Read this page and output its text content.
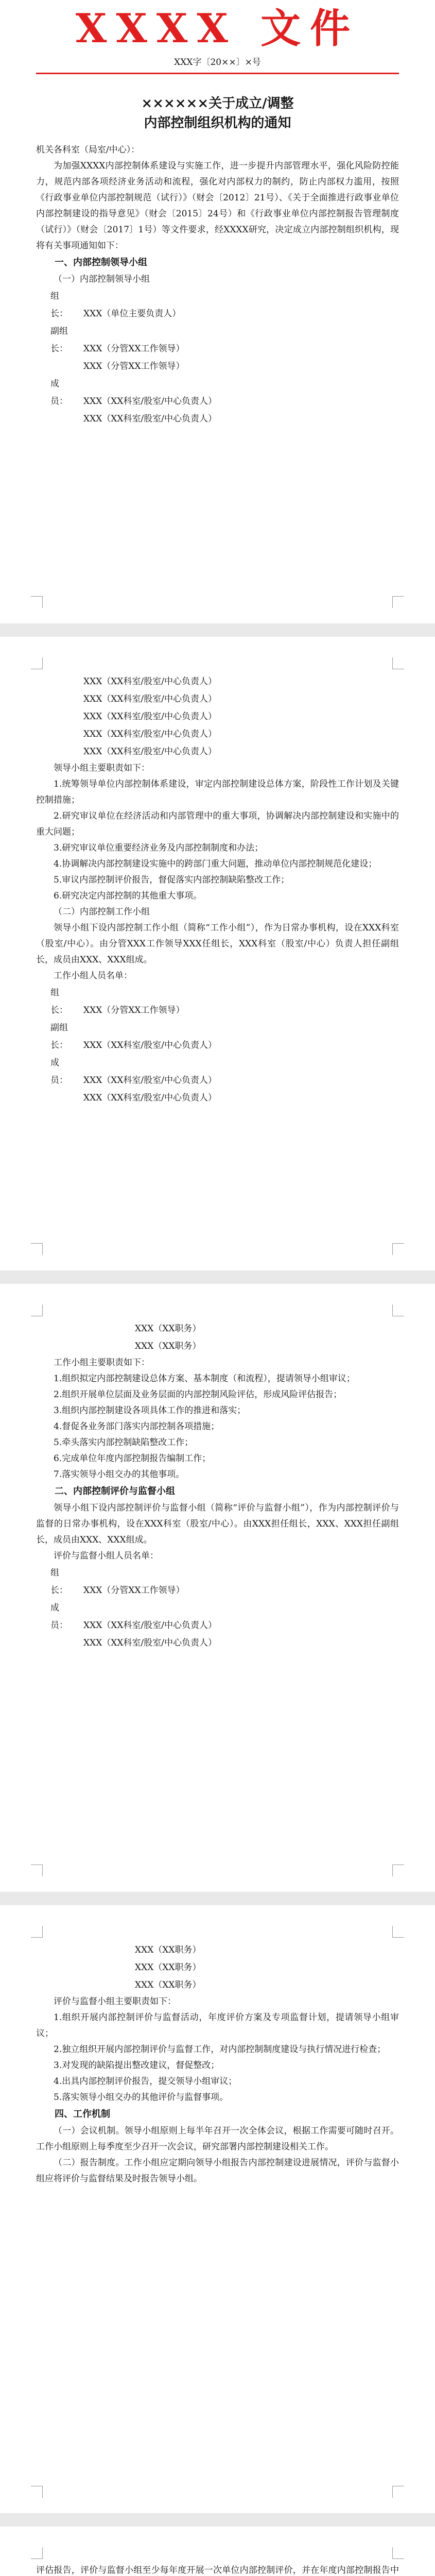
XXXX 文件
XXX字〔20××〕×号
××××××关于成立/调整
内部控制组织机构的通知

机关各科室（局室/中心）：

为加强XXXX内部控制体系建设与实施工作，进一步提升内部管理水平，强化风险防控能力，规范内部各项经济业务活动和流程，强化对内部权力的制约，防止内部权力滥用，按照《行政事业单位内部控制规范（试行）》（财会〔2012〕21号）、《关于全面推进行政事业单位内部控制建设的指导意见》（财会〔2015〕24号）和《行政事业单位内部控制报告管理制度（试行）》（财会〔2017〕1号）等文件要求，经XXXX研究，决定成立内部控制组织机构，现将有关事项通知如下：

一、内部控制领导小组

（一）内部控制领导小组

组　长： XXX（单位主要负责人）

副组长： XXX（分管XX工作领导）

XXX（分管XX工作领导）

成　员： XXX（XX科室/股室/中心负责人）

XXX（XX科室/股室/中心负责人）

XXX（XX科室/股室/中心负责人）

XXX（XX科室/股室/中心负责人）

XXX（XX科室/股室/中心负责人）

XXX（XX科室/股室/中心负责人）

XXX（XX科室/股室/中心负责人）

领导小组主要职责如下：

1.统筹领导单位内部控制体系建设，审定内部控制建设总体方案，阶段性工作计划及关键控制措施；

2.研究审议单位在经济活动和内部管理中的重大事项，协调解决内部控制建设和实施中的重大问题；

3.研究审议单位重要经济业务及内部控制制度和办法；

4.协调解决内部控制建设实施中的跨部门重大问题，推动单位内部控制规范化建设；

5.审议内部控制评价报告，督促落实内部控制缺陷整改工作；

6.研究决定内部控制的其他重大事项。

（二）内部控制工作小组

领导小组下设内部控制工作小组（简称“工作小组”），作为日常办事机构，设在XXX科室（股室/中心）。由分管XXX工作领导XXX任组长，XXX科室（股室/中心）负责人担任副组长，成员由XXX、XXX组成。

工作小组人员名单：

组　长： XXX（分管XX工作领导）

副组长： XXX（XX科室/股室/中心负责人）

成　员： XXX（XX科室/股室/中心负责人）

XXX（XX科室/股室/中心负责人）

XXX（XX职务）

XXX（XX职务）

工作小组主要职责如下：

1.组织拟定内部控制建设总体方案、基本制度（和流程），提请领导小组审议；

2.组织开展单位层面及业务层面的内部控制风险评估，形成风险评估报告；

3.组织内部控制建设各项具体工作的推进和落实；

4.督促各业务部门落实内部控制各项措施；

5.牵头落实内部控制缺陷整改工作；

6.完成单位年度内部控制报告编制工作；

7.落实领导小组交办的其他事项。

二、内部控制评价与监督小组

领导小组下设内部控制评价与监督小组（简称“评价与监督小组”），作为内部控制评价与监督的日常办事机构，设在XXX科室（股室/中心）。由XXX担任组长，XXX、XXX担任副组长，成员由XXX、XXX组成。

评价与监督小组人员名单：

组　长： XXX（分管XX工作领导）

成　员： XXX（XX科室/股室/中心负责人）

XXX（XX科室/股室/中心负责人）

XXX（XX职务）

XXX（XX职务）

XXX（XX职务）

评价与监督小组主要职责如下：

1.组织开展内部控制评价与监督活动，年度评价方案及专项监督计划，提请领导小组审议；

2.独立组织开展内部控制评价与监督工作，对内部控制制度建设与执行情况进行检查；

3.对发现的缺陷提出整改建议，督促整改；

4.出具内部控制评价报告，提交领导小组审议；

5.落实领导小组交办的其他评价与监督事项。

四、工作机制

（一）会议机制。领导小组原则上每半年召开一次全体会议，根据工作需要可随时召开。工作小组原则上每季度至少召开一次会议，研究部署内部控制建设相关工作。

（二）报告制度。工作小组应定期向领导小组报告内部控制建设进展情况，评价与监督小组应将评价与监督结果及时报告领导小组。

评估报告，评价与监督小组至少每年度开展一次单位内部控制评价，并在年度内部控制报告中
